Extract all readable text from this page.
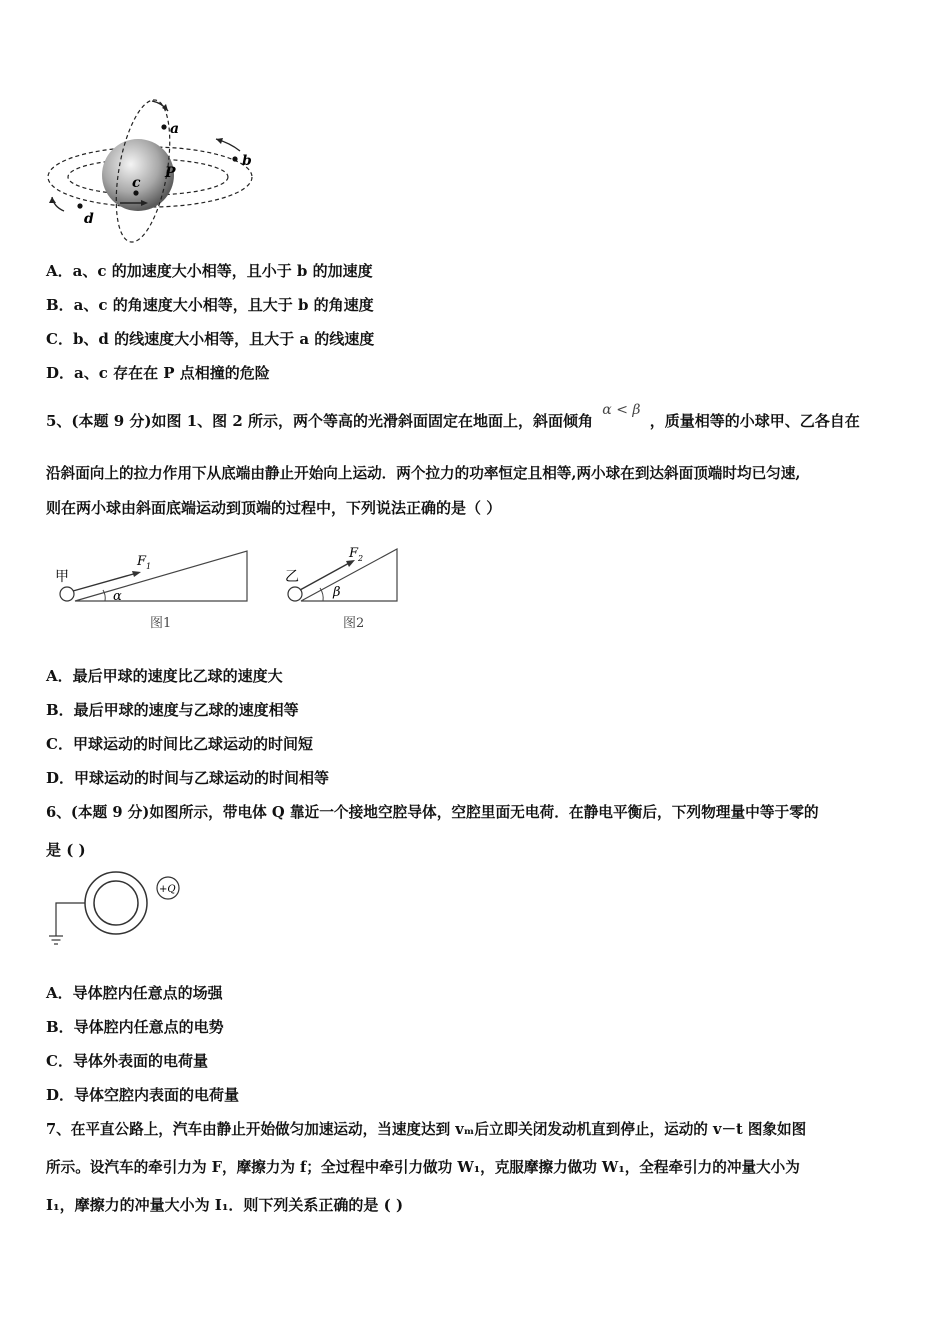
a
b
c
P
d
A．a、c 的加速度大小相等，且小于 b 的加速度
B．a、c 的角速度大小相等，且大于 b 的角速度
C．b、d 的线速度大小相等，且大于 a 的线速度
D．a、c 存在在 P 点相撞的危险
5、(本题 9 分)如图 1、图 2 所示，两个等高的光滑斜面固定在地面上，斜面倾角 α < β ，质量相等的小球甲、乙各自在
沿斜面向上的拉力作用下从底端由静止开始向上运动．两个拉力的功率恒定且相等,两小球在到达斜面顶端时均已匀速,
则在两小球由斜面底端运动到顶端的过程中，下列说法正确的是（ ）
甲
$F_1$
α
图1
乙
$F_2$
β
图2
A．最后甲球的速度比乙球的速度大
B．最后甲球的速度与乙球的速度相等
C．甲球运动的时间比乙球运动的时间短
D．甲球运动的时间与乙球运动的时间相等
6、(本题 9 分)如图所示，带电体 Q 靠近一个接地空腔导体，空腔里面无电荷．在静电平衡后，下列物理量中等于零的
是 ( )
+Q
A．导体腔内任意点的场强
B．导体腔内任意点的电势
C．导体外表面的电荷量
D．导体空腔内表面的电荷量
7、在平直公路上，汽车由静止开始做匀加速运动，当速度达到 vₘ后立即关闭发动机直到停止，运动的 v－t 图象如图
所示。设汽车的牵引力为 F，摩擦力为 f；全过程中牵引力做功 W₁，克服摩擦力做功 W₁，全程牵引力的冲量大小为
I₁，摩擦力的冲量大小为 I₁．则下列关系正确的是 ( )
